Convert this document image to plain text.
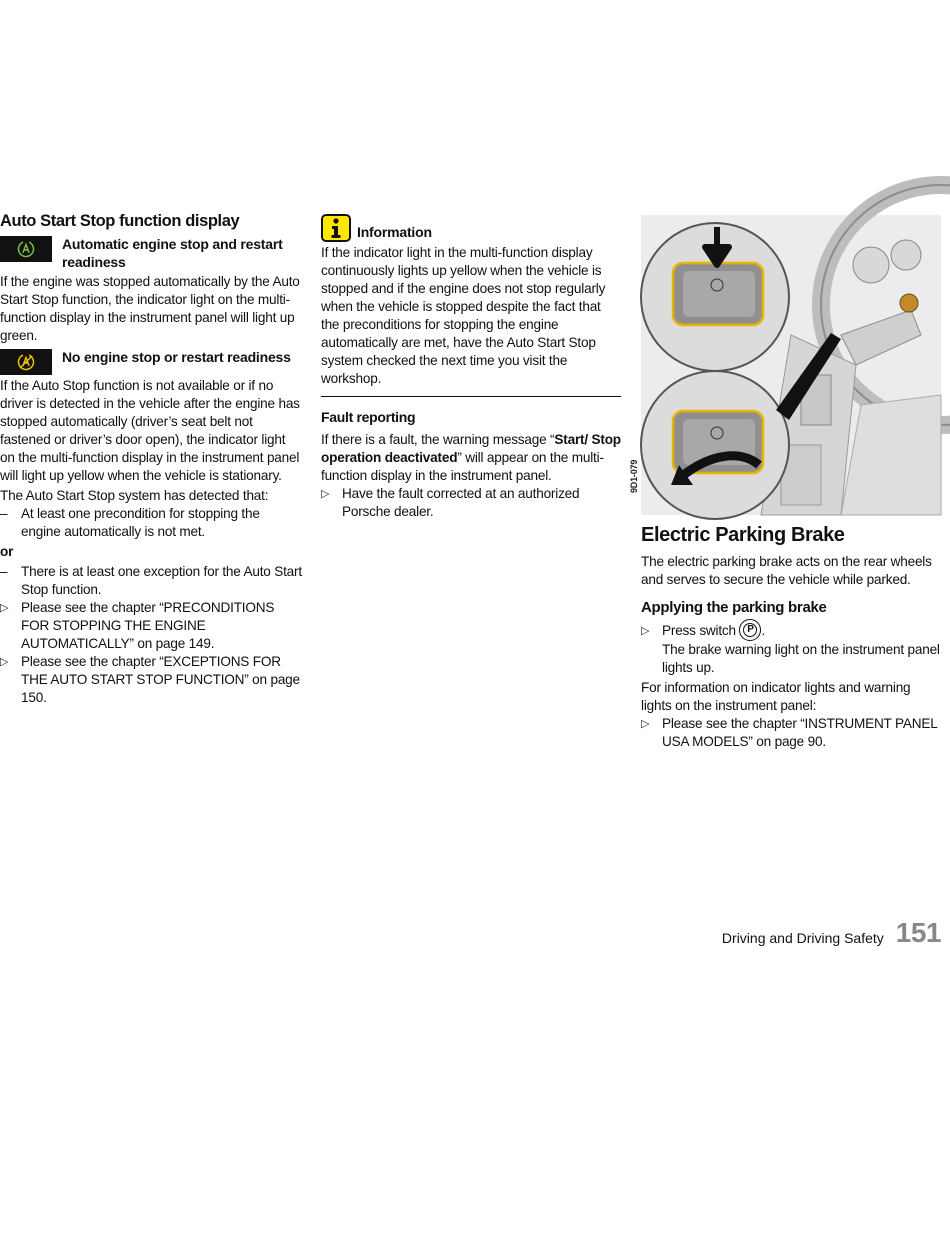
Auto Start Stop function display
Automatic engine stop and restart readiness

If the engine was stopped automatically by the Auto Start Stop function, the indicator light on the multi-function display in the instrument panel will light up green.

No engine stop or restart readiness

If the Auto Stop function is not available or if no driver is detected in the vehicle after the engine has stopped automatically (driver’s seat belt not fastened or driver’s door open), the indicator light on the multi-function display in the instrument panel will light up yellow when the vehicle is stationary.

The Auto Start Stop system has detected that:

– At least one precondition for stopping the engine automatically is not met.

or

– There is at least one exception for the Auto Start Stop function.
▷ Please see the chapter “PRECONDITIONS FOR STOPPING THE ENGINE AUTOMATICALLY” on page 149.
▷ Please see the chapter “EXCEPTIONS FOR THE AUTO START STOP FUNCTION” on page 150.
Information

If the indicator light in the multi-function display continuously lights up yellow when the vehicle is stopped and if the engine does not stop regularly when the vehicle is stopped despite the fact that the preconditions for stopping the engine automatically are met, have the Auto Start Stop system checked the next time you visit the workshop.

Fault reporting

If there is a fault, the warning message “Start/ Stop operation deactivated” will appear on the multi-function display in the instrument panel.

▷ Have the fault corrected at an authorized Porsche dealer.
9D1-079
Electric Parking Brake

The electric parking brake acts on the rear wheels and serves to secure the vehicle while parked.

Applying the parking brake
▷ Press switch	P .
The brake warning light on the instrument panel lights up.

For information on indicator lights and warning lights on the instrument panel:

▷ Please see the chapter “INSTRUMENT PANEL USA MODELS” on page 90.
Driving and Driving Safety 151
